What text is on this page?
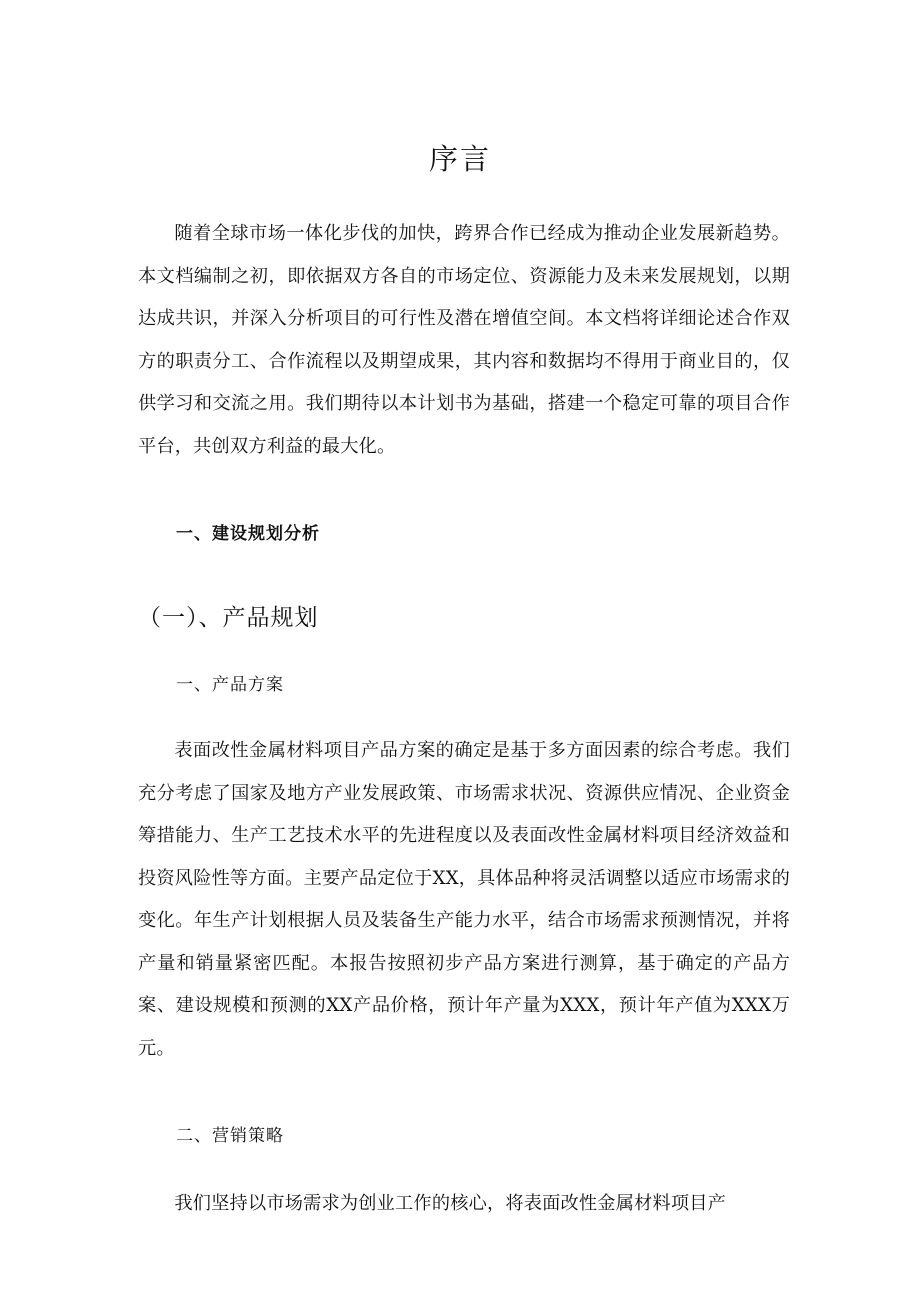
序言

随着全球市场一体化步伐的加快，跨界合作已经成为推动企业发展新趋势。本文档编制之初，即依据双方各自的市场定位、资源能力及未来发展规划，以期达成共识，并深入分析项目的可行性及潜在增值空间。本文档将详细论述合作双方的职责分工、合作流程以及期望成果，其内容和数据均不得用于商业目的，仅供学习和交流之用。我们期待以本计划书为基础，搭建一个稳定可靠的项目合作平台，共创双方利益的最大化。

一、建设规划分析
（一）、产品规划
一、产品方案

表面改性金属材料项目产品方案的确定是基于多方面因素的综合考虑。我们充分考虑了国家及地方产业发展政策、市场需求状况、资源供应情况、企业资金筹措能力、生产工艺技术水平的先进程度以及表面改性金属材料项目经济效益和投资风险性等方面。主要产品定位于XX，具体品种将灵活调整以适应市场需求的变化。年生产计划根据人员及装备生产能力水平，结合市场需求预测情况，并将产量和销量紧密匹配。本报告按照初步产品方案进行测算，基于确定的产品方案、建设规模和预测的XX产品价格，预计年产量为XXX，预计年产值为XXX万元。

二、营销策略

我们坚持以市场需求为创业工作的核心，将表面改性金属材料项目产
